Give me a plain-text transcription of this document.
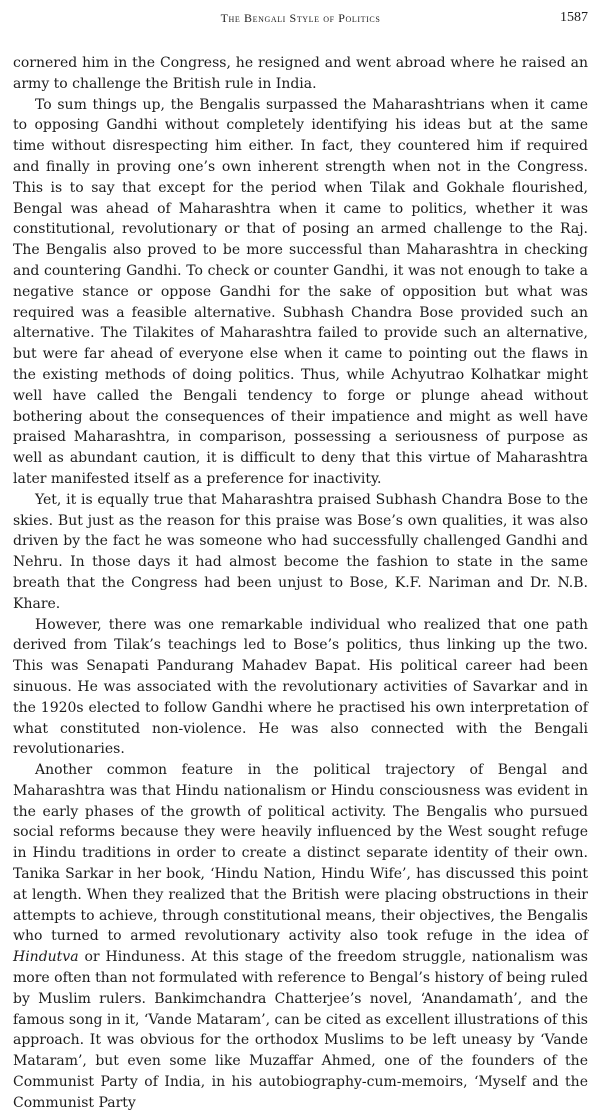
The Bengali Style of Politics	1587

cornered him in the Congress, he resigned and went abroad where he raised an army to challenge the British rule in India.

To sum things up, the Bengalis surpassed the Maharashtrians when it came to opposing Gandhi without completely identifying his ideas but at the same time without disrespecting him either. In fact, they countered him if required and finally in proving one’s own inherent strength when not in the Congress. This is to say that except for the period when Tilak and Gokhale flourished, Bengal was ahead of Maharashtra when it came to politics, whether it was constitutional, revolutionary or that of posing an armed challenge to the Raj. The Bengalis also proved to be more successful than Maharashtra in checking and countering Gandhi. To check or counter Gandhi, it was not enough to take a negative stance or oppose Gandhi for the sake of opposition but what was required was a feasible alternative. Subhash Chandra Bose provided such an alternative. The Tilakites of Maharashtra failed to provide such an alternative, but were far ahead of everyone else when it came to pointing out the flaws in the existing methods of doing politics. Thus, while Achyutrao Kolhatkar might well have called the Bengali tendency to forge or plunge ahead without bothering about the consequences of their impatience and might as well have praised Maharashtra, in comparison, possessing a seriousness of purpose as well as abundant caution, it is difficult to deny that this virtue of Maharashtra later manifested itself as a preference for inactivity.

Yet, it is equally true that Maharashtra praised Subhash Chandra Bose to the skies. But just as the reason for this praise was Bose’s own qualities, it was also driven by the fact he was someone who had successfully challenged Gandhi and Nehru. In those days it had almost become the fashion to state in the same breath that the Congress had been unjust to Bose, K.F. Nariman and Dr. N.B. Khare.

However, there was one remarkable individual who realized that one path derived from Tilak’s teachings led to Bose’s politics, thus linking up the two. This was Senapati Pandurang Mahadev Bapat. His political career had been sinuous. He was associated with the revolutionary activities of Savarkar and in the 1920s elected to follow Gandhi where he practised his own interpretation of what constituted non-violence. He was also connected with the Bengali revolutionaries.

Another common feature in the political trajectory of Bengal and Maharashtra was that Hindu nationalism or Hindu consciousness was evident in the early phases of the growth of political activity. The Bengalis who pursued social reforms because they were heavily influenced by the West sought refuge in Hindu traditions in order to create a distinct separate identity of their own. Tanika Sarkar in her book, ‘Hindu Nation, Hindu Wife’, has discussed this point at length. When they realized that the British were placing obstructions in their attempts to achieve, through constitutional means, their objectives, the Bengalis who turned to armed revolutionary activity also took refuge in the idea of Hindutva or Hinduness. At this stage of the freedom struggle, nationalism was more often than not formulated with reference to Bengal’s history of being ruled by Muslim rulers. Bankimchandra Chatterjee’s novel, ‘Anandamath’, and the famous song in it, ‘Vande Mataram’, can be cited as excellent illustrations of this approach. It was obvious for the orthodox Muslims to be left uneasy by ‘Vande Mataram’, but even some like Muzaffar Ahmed, one of the founders of the Communist Party of India, in his autobiography-cum-memoirs, ‘Myself and the Communist Party
